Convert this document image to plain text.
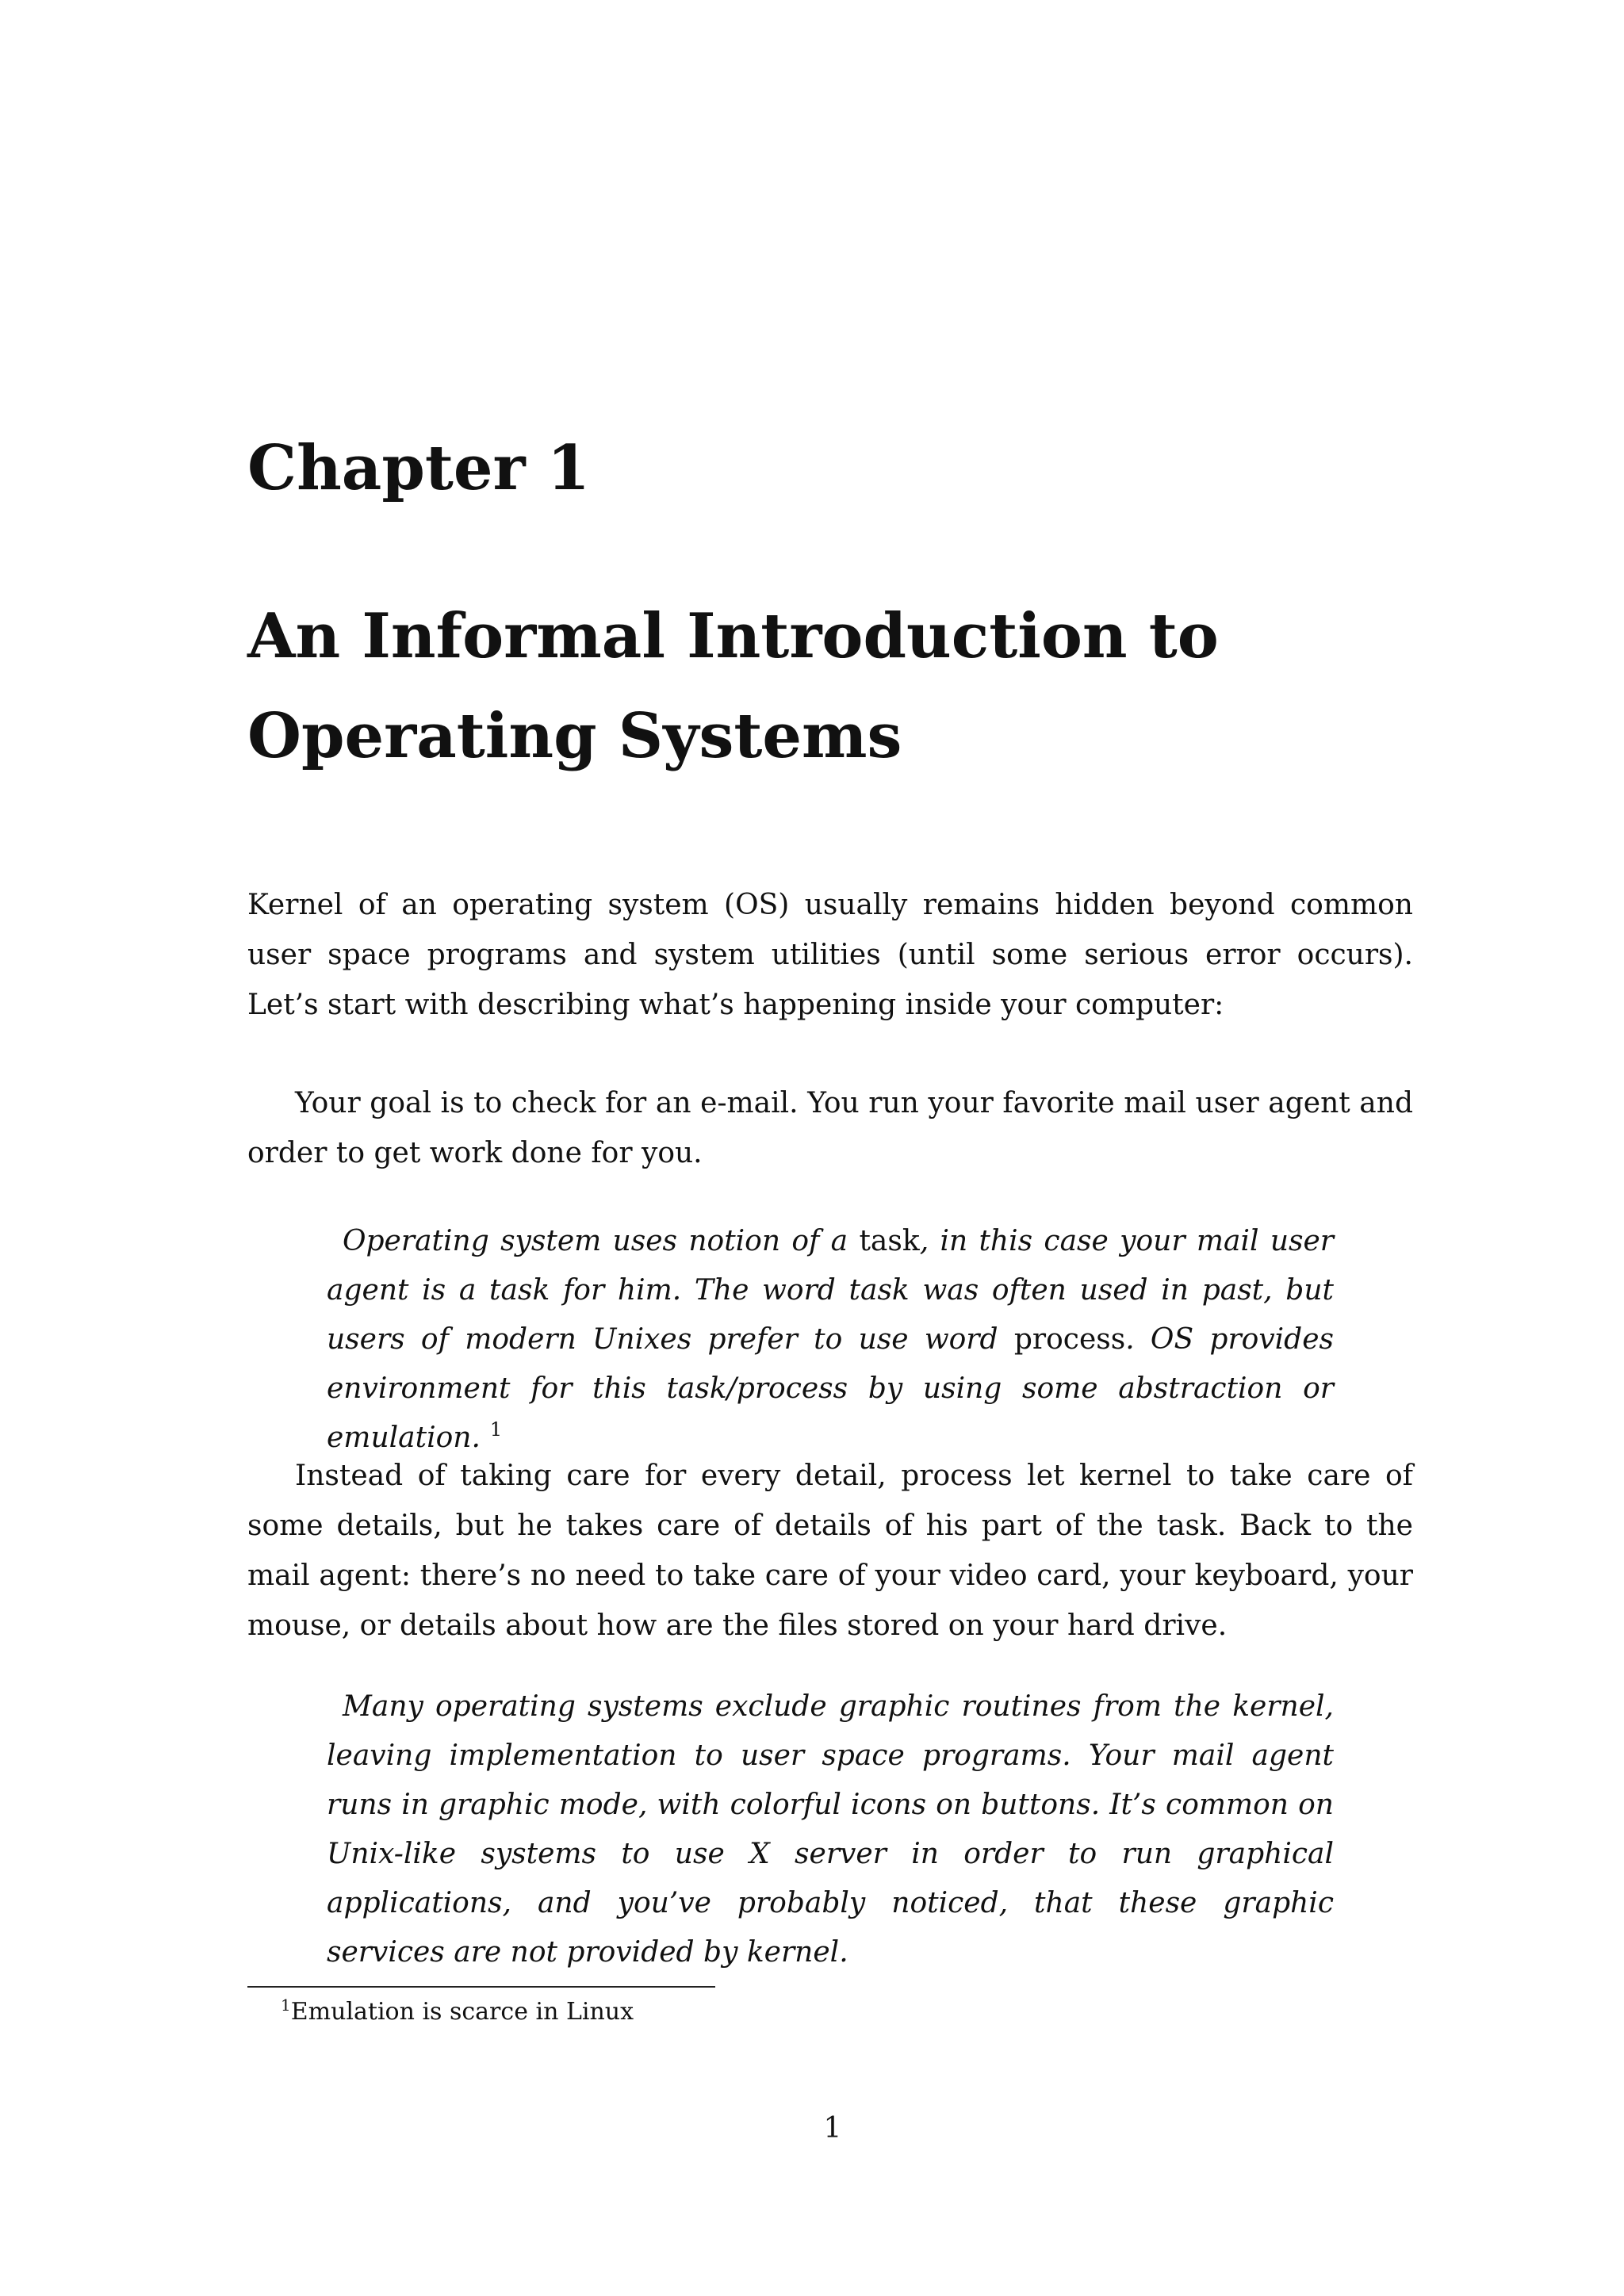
Chapter 1
An Informal Introduction to
Operating Systems

Kernel of an operating system (OS) usually remains hidden beyond common user space programs and system utilities (until some serious error occurs). Let’s start with describing what’s happening inside your computer:

Your goal is to check for an e-mail. You run your favorite mail user agent and order to get work done for you.

Operating system uses notion of a task, in this case your mail user agent is a task for him. The word task was often used in past, but users of modern Unixes prefer to use word process. OS provides environment for this task/process by using some abstraction or emulation. $^1$

Instead of taking care for every detail, process let kernel to take care of some details, but he takes care of details of his part of the task. Back to the mail agent: there’s no need to take care of your video card, your keyboard, your mouse, or details about how are the files stored on your hard drive.

Many operating systems exclude graphic routines from the kernel, leaving implementation to user space programs. Your mail agent runs in graphic mode, with colorful icons on buttons. It’s common on Unix-like systems to use X server in order to run graphical applications, and you’ve probably noticed, that these graphic services are not provided by kernel.

$^1$Emulation is scarce in Linux

1
